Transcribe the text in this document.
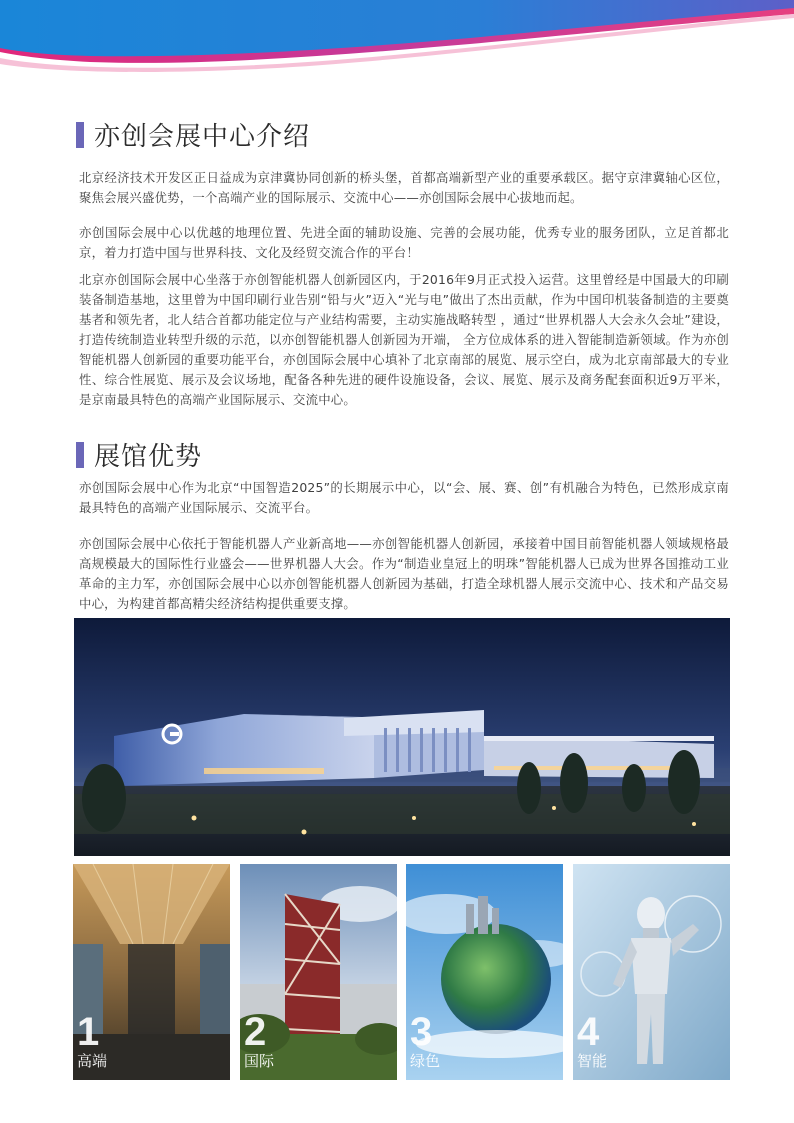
亦创会展中心介绍

北京经济技术开发区正日益成为京津冀协同创新的桥头堡，首都高端新型产业的重要承载区。据守京津冀轴心区位，聚焦会展兴盛优势，一个高端产业的国际展示、交流中心——亦创国际会展中心拔地而起。

亦创国际会展中心以优越的地理位置、先进全面的辅助设施、完善的会展功能，优秀专业的服务团队，立足首都北京，着力打造中国与世界科技、文化及经贸交流合作的平台！

北京亦创国际会展中心坐落于亦创智能机器人创新园区内，于2016年9月正式投入运营。这里曾经是中国最大的印刷装备制造基地，这里曾为中国印刷行业告别“铅与火”迈入“光与电”做出了杰出贡献，作为中国印机装备制造的主要奠基者和领先者，北人结合首都功能定位与产业结构需要，主动实施战略转型 ，通过“世界机器人大会永久会址”建设，打造传统制造业转型升级的示范，以亦创智能机器人创新园为开端， 全方位成体系的进入智能制造新领域。作为亦创智能机器人创新园的重要功能平台，亦创国际会展中心填补了北京南部的展览、展示空白，成为北京南部最大的专业性、综合性展览、展示及会议场地，配备各种先进的硬件设施设备，会议、展览、展示及商务配套面积近9万平米，是京南最具特色的高端产业国际展示、交流中心。

展馆优势

亦创国际会展中心作为北京“中国智造2025”的长期展示中心，以“会、展、赛、创”有机融合为特色，已然形成京南最具特色的高端产业国际展示、交流平台。

亦创国际会展中心依托于智能机器人产业新高地——亦创智能机器人创新园，承接着中国目前智能机器人领域规格最高规模最大的国际性行业盛会——世界机器人大会。作为“制造业皇冠上的明珠”智能机器人已成为世界各国推动工业革命的主力军，亦创国际会展中心以亦创智能机器人创新园为基础，打造全球机器人展示交流中心、技术和产品交易中心，为构建首都高精尖经济结构提供重要支撑。

1
高端
2
国际
3
绿色
4
智能
